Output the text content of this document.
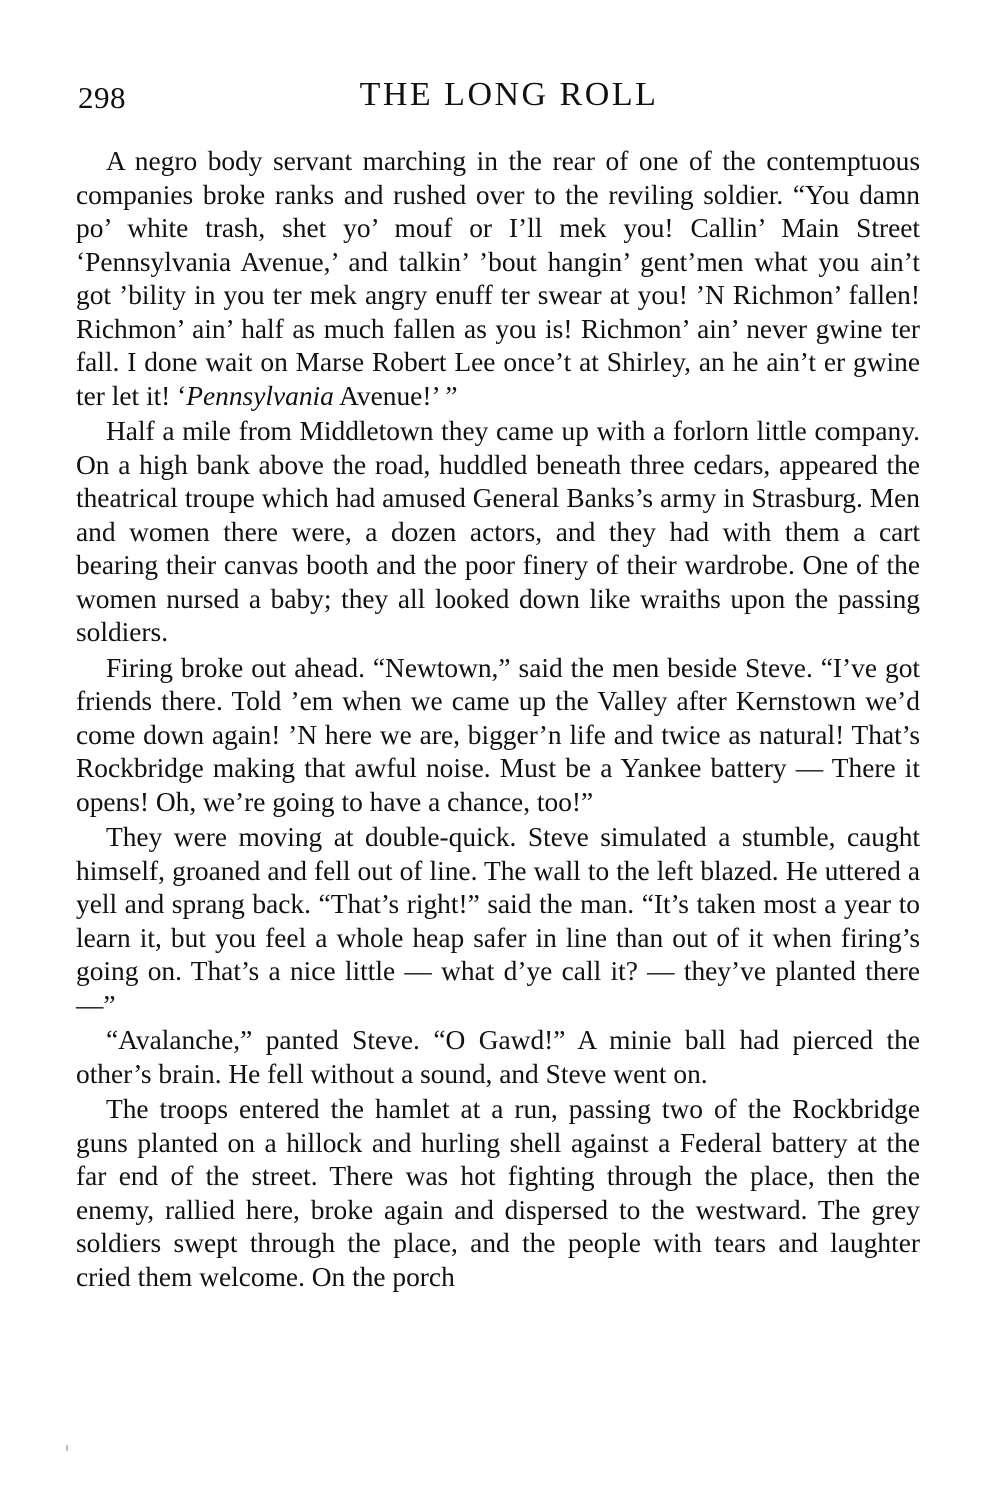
298	THE LONG ROLL

A negro body servant marching in the rear of one of the contemptuous companies broke ranks and rushed over to the reviling soldier. “You damn po’ white trash, shet yo’ mouf or I’ll mek you! Callin’ Main Street ‘Pennsylvania Avenue,’ and talkin’ ’bout hangin’ gent’men what you ain’t got ’bility in you ter mek angry enuff ter swear at you! ’N Richmon’ fallen! Richmon’ ain’ half as much fallen as you is! Richmon’ ain’ never gwine ter fall. I done wait on Marse Robert Lee once’t at Shirley, an he ain’t er gwine ter let it! ‘Pennsylvania Avenue!’ ”

Half a mile from Middletown they came up with a forlorn little company. On a high bank above the road, huddled beneath three cedars, appeared the theatrical troupe which had amused General Banks’s army in Strasburg. Men and women there were, a dozen actors, and they had with them a cart bearing their canvas booth and the poor finery of their wardrobe. One of the women nursed a baby; they all looked down like wraiths upon the passing soldiers.

Firing broke out ahead. “Newtown,” said the men beside Steve. “I’ve got friends there. Told ’em when we came up the Valley after Kernstown we’d come down again! ’N here we are, bigger’n life and twice as natural! That’s Rockbridge making that awful noise. Must be a Yankee battery — There it opens! Oh, we’re going to have a chance, too!”

They were moving at double-quick. Steve simulated a stumble, caught himself, groaned and fell out of line. The wall to the left blazed. He uttered a yell and sprang back. “That’s right!” said the man. “It’s taken most a year to learn it, but you feel a whole heap safer in line than out of it when firing’s going on. That’s a nice little — what d’ye call it? — they’ve planted there —”

“Avalanche,” panted Steve. “O Gawd!” A minie ball had pierced the other’s brain. He fell without a sound, and Steve went on.

The troops entered the hamlet at a run, passing two of the Rockbridge guns planted on a hillock and hurling shell against a Federal battery at the far end of the street. There was hot fighting through the place, then the enemy, rallied here, broke again and dispersed to the westward. The grey soldiers swept through the place, and the people with tears and laughter cried them welcome. On the porch
